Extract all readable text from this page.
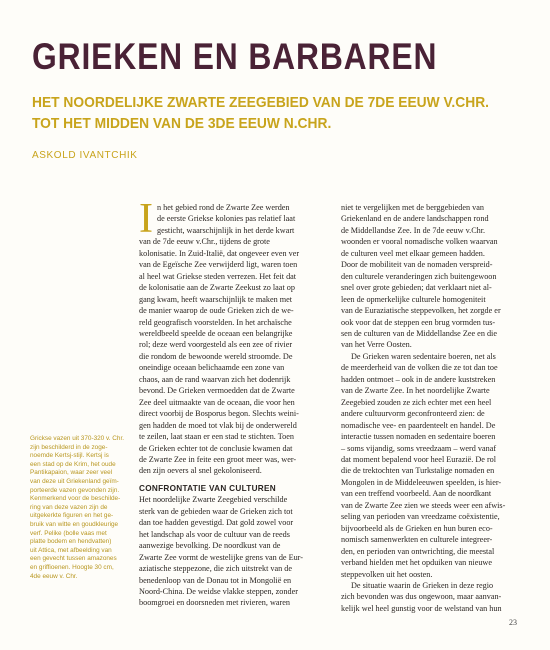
GRIEKEN EN BARBAREN
HET NOORDELIJKE ZWARTE ZEEGEBIED VAN DE 7DE EEUW V.CHR.
TOT HET MIDDEN VAN DE 3DE EEUW N.CHR.
ASKOLD IVANTCHIK
Grickse vazen uit 370-320 v. Chr.
zijn beschilderd in de zoge-
noemde Kertsj-stijl. Kertsj is
een stad op de Krim, het oude
Pantikapaion, waar zeer veel
van deze uit Griekenland geïm-
porteerde vazen gevonden zijn.
Kenmerkend voor de beschilde-
ring van deze vazen zijn de
uitgekerkte figuren en het ge-
bruik van witte en goudkleurige
verf. Pelike (bolle vaas met
platte bodem en hendvatten)
uit Attica, met afbeelding van
een gevecht tussen amazones
en griffioenen. Hoogte 30 cm,
4de eeuw v. Chr.
I n het gebied rond de Zwarte Zee werden
de eerste Griekse kolonies pas relatief laat
gesticht, waarschijnlijk in het derde kwart
van de 7de eeuw v.Chr., tijdens de grote
kolonisatie. In Zuid-Italië, dat ongeveer even ver
van de Egeïsche Zee verwijderd ligt, waren toen
al heel wat Griekse steden verrezen. Het feit dat
de kolonisatie aan de Zwarte Zeekust zo laat op
gang kwam, heeft waarschijnlijk te maken met
de manier waarop de oude Grieken zich de we-
reld geografisch voorstelden. In het archaïsche
wereldbeeld speelde de oceaan een belangrijke
rol; deze werd voorgesteld als een zee of rivier
die rondom de bewoonde wereld stroomde. De
oneindige oceaan belichaamde een zone van
chaos, aan de rand waarvan zich het dodenrijk
bevond. De Grieken vermoedden dat de Zwarte
Zee deel uitmaakte van de oceaan, die voor hen
direct voorbij de Bosporus begon. Slechts weini-
gen hadden de moed tot vlak bij de onderwereld
te zeilen, laat staan er een stad te stichten. Toen
de Grieken echter tot de conclusie kwamen dat
de Zwarte Zee in feite een groot meer was, wer-
den zijn oevers al snel gekoloniseerd.
CONFRONTATIE VAN CULTUREN
Het noordelijke Zwarte Zeegebied verschilde
sterk van de gebieden waar de Grieken zich tot
dan toe hadden gevestigd. Dat gold zowel voor
het landschap als voor de cultuur van de reeds
aanwezige bevolking. De noordkust van de
Zwarte Zee vormt de westelijke grens van de Eur-
aziatische steppezone, die zich uitstrekt van de
benedenloop van de Donau tot in Mongolië en
Noord-China. De weidse vlakke steppen, zonder
boomgroei en doorsneden met rivieren, waren
niet te vergelijken met de berggebieden van
Griekenland en de andere landschappen rond
de Middellandse Zee. In de 7de eeuw v.Chr.
woonden er vooral nomadische volken waarvan
de culturen veel met elkaar gemeen hadden.
Door de mobiliteit van de nomaden verspreid-
den culturele veranderingen zich buitengewoon
snel over grote gebieden; dat verklaart niet al-
leen de opmerkelijke culturele homogeniteit
van de Euraziatische steppevolken, het zorgde er
ook voor dat de steppen een brug vormden tus-
sen de culturen van de Middellandse Zee en die
van het Verre Oosten.
De Grieken waren sedentaire boeren, net als
de meerderheid van de volken die ze tot dan toe
hadden ontmoet – ook in de andere kuststreken
van de Zwarte Zee. In het noordelijke Zwarte
Zeegebied zouden ze zich echter met een heel
andere cultuurvorm geconfronteerd zien: de
nomadische vee- en paardenteelt en handel. De
interactie tussen nomaden en sedentaire boeren
– soms vijandig, soms vreedzaam – werd vanaf
dat moment bepalend voor heel Eurazië. De rol
die de trektochten van Turkstalige nomaden en
Mongolen in de Middeleeuwen speelden, is hier-
van een treffend voorbeeld. Aan de noordkant
van de Zwarte Zee zien we steeds weer een afwis-
seling van perioden van vreedzame coëxistentie,
bijvoorbeeld als de Grieken en hun buren eco-
nomisch samenwerkten en culturele integreer-
den, en perioden van ontwrichting, die meestal
verband hielden met het opduiken van nieuwe
steppevolken uit het oosten.
De situatie waarin de Grieken in deze regio
zich bevonden was dus ongewoon, maar aanvan-
kelijk wel heel gunstig voor de welstand van hun
23
